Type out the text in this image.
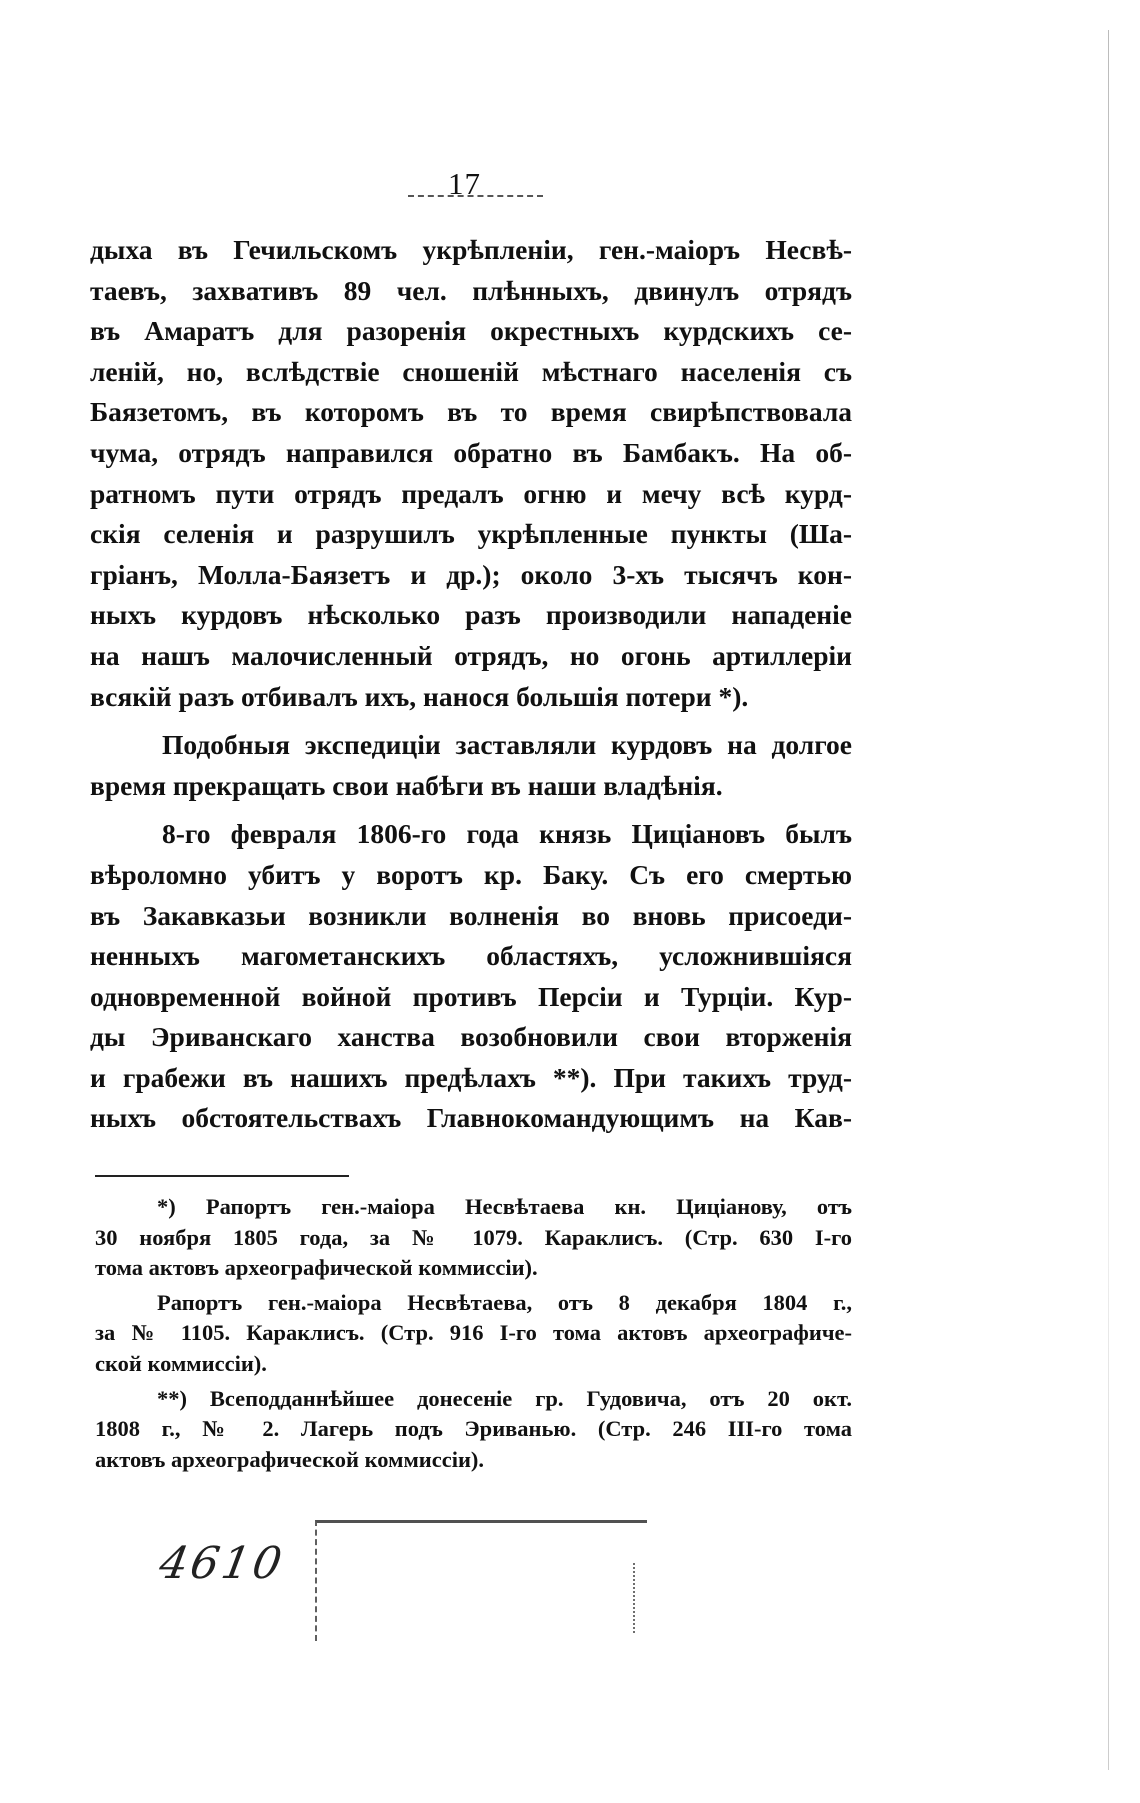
17
дыха въ Гечильскомъ укрѣпленіи, ген.-маіоръ Несвѣ-
таевъ, захвативъ 89 чел. плѣнныхъ, двинулъ отрядъ
въ Амаратъ для разоренія окрестныхъ курдскихъ се-
леній, но, вслѣдствіе сношеній мѣстнаго населенія съ
Баязетомъ, въ которомъ въ то время свирѣпствовала
чума, отрядъ направился обратно въ Бамбакъ. На об-
ратномъ пути отрядъ предалъ огню и мечу всѣ курд-
скія селенія и разрушилъ укрѣпленные пункты (Ша-
гріанъ, Молла-Баязетъ и др.); около 3-хъ тысячъ кон-
ныхъ курдовъ нѣсколько разъ производили нападеніе
на нашъ малочисленный отрядъ, но огонь артиллеріи
всякій разъ отбивалъ ихъ, нанося большія потери *).
Подобныя экспедиціи заставляли курдовъ на долгое
время прекращать свои набѣги въ наши владѣнія.
8-го февраля 1806-го года князь Цицiановъ былъ
вѣроломно убитъ у воротъ кр. Баку. Съ его смертью
въ Закавказьи возникли волненія во вновь присоеди-
ненныхъ магометанскихъ областяхъ, усложнившіяся
одновременной войной противъ Персіи и Турціи. Кур-
ды Эриванскаго ханства возобновили свои вторженія
и грабежи въ нашихъ предѣлахъ **). При такихъ труд-
ныхъ обстоятельствахъ Главнокомандующимъ на Кав-
*) Рапортъ ген.-маіора Несвѣтаева кн. Цицiанову, отъ
30 ноября 1805 года, за № 1079. Караклисъ. (Стр. 630 I-го
тома актовъ археографической коммиссіи).
Рапортъ ген.-маіора Несвѣтаева, отъ 8 декабря 1804 г.,
за № 1105. Караклисъ. (Стр. 916 I-го тома актовъ археографиче-
ской коммиссіи).
**) Всеподданнѣйшее донесеніе гр. Гудовича, отъ 20 окт.
1808 г., № 2. Лагерь подъ Эриванью. (Стр. 246 III-го тома
актовъ археографической коммиссіи).
4610
